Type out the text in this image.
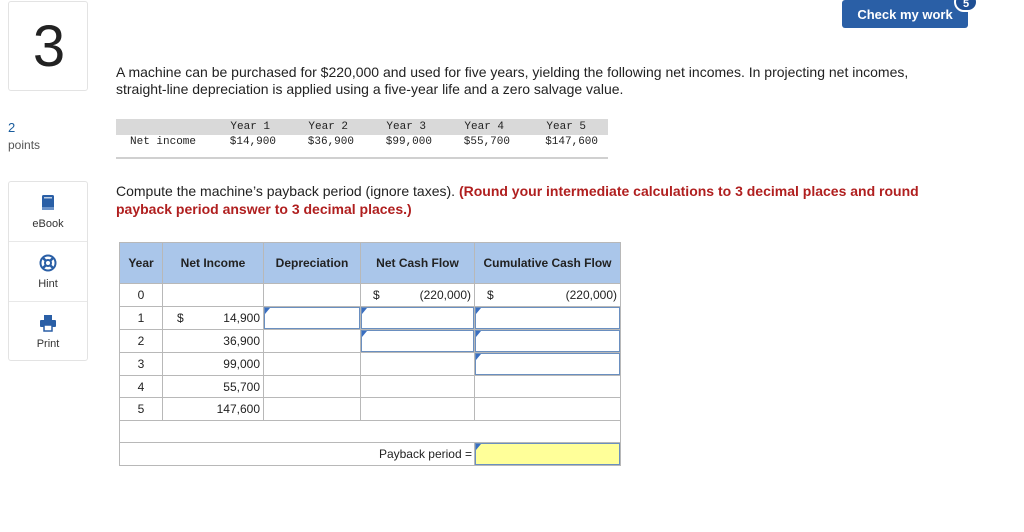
3
2
points
eBook
Hint
Print
Check my work
5
A machine can be purchased for $220,000 and used for five years, yielding the following net incomes. In projecting net incomes, straight-line depreciation is applied using a five-year life and a zero salvage value.
Year 1	Year 2	Year 3	Year 4	Year 5
Net income	$14,900	$36,900	$99,000	$55,700	$147,600
Compute the machine’s payback period (ignore taxes). (Round your intermediate calculations to 3 decimal places and round payback period answer to 3 decimal places.)
Year	Net Income	Depreciation	Net Cash Flow	Cumulative Cash Flow
0			$ (220,000)	$ (220,000)

1	$ 14,900

2	36,900		

3	99,000			

4	55,700			
5	147,600			

Payback period =	
